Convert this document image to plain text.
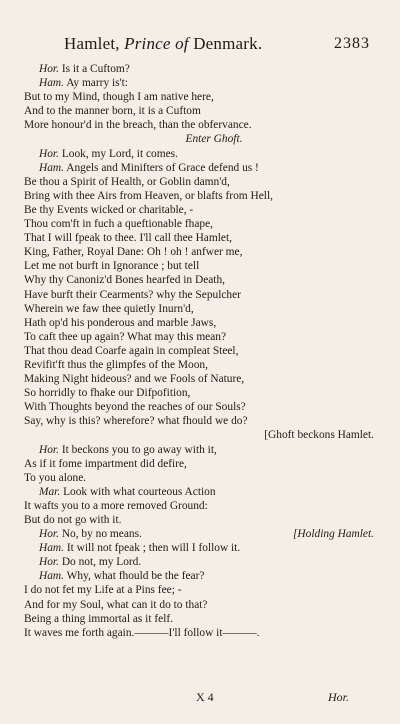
Hamlet, Prince of Denmark.	2383
Hor. Is it a Cuftom?
Ham. Ay marry is't:
But to my Mind, though I am native here,
And to the manner born, it is a Cuftom
More honour'd in the breach, than the obfervance.
Enter Ghoft.
Hor. Look, my Lord, it comes.
Ham. Angels and Minifters of Grace defend us !
Be thou a Spirit of Health, or Goblin damn'd,
Bring with thee Airs from Heaven, or blafts from Hell,
Be thy Events wicked or charitable, -
Thou com'ft in fuch a queftionable fhape,
That I will fpeak to thee. I'll call thee Hamlet,
King, Father, Royal Dane: Oh ! oh ! anfwer me,
Let me not burft in Ignorance ; but tell
Why thy Canoniz'd Bones hearfed in Death,
Have burft their Cearments? why the Sepulcher
Wherein we faw thee quietly Inurn'd,
Hath op'd his ponderous and marble Jaws,
To caft thee up again? What may this mean?
That thou dead Coarfe again in compleat Steel,
Revifit'ft thus the glimpfes of the Moon,
Making Night hideous? and we Fools of Nature,
So horridly to fhake our Difpofition,
With Thoughts beyond the reaches of our Souls?
Say, why is this? wherefore? what fhould we do?
[Ghoft beckons Hamlet.
Hor. It beckons you to go away with it,
As if it fome impartment did defire,
To you alone.
Mar. Look with what courteous Action
It wafts you to a more removed Ground:
But do not go with it.
Hor. No, by no means.	[Holding Hamlet.
Ham. It will not fpeak ; then will I follow it.
Hor. Do not, my Lord.
Ham. Why, what fhould be the fear?
I do not fet my Life at a Pins fee; -
And for my Soul, what can it do to that?
Being a thing immortal as it felf.
It waves me forth again.———I'll follow it———.
X 4	Hor.
